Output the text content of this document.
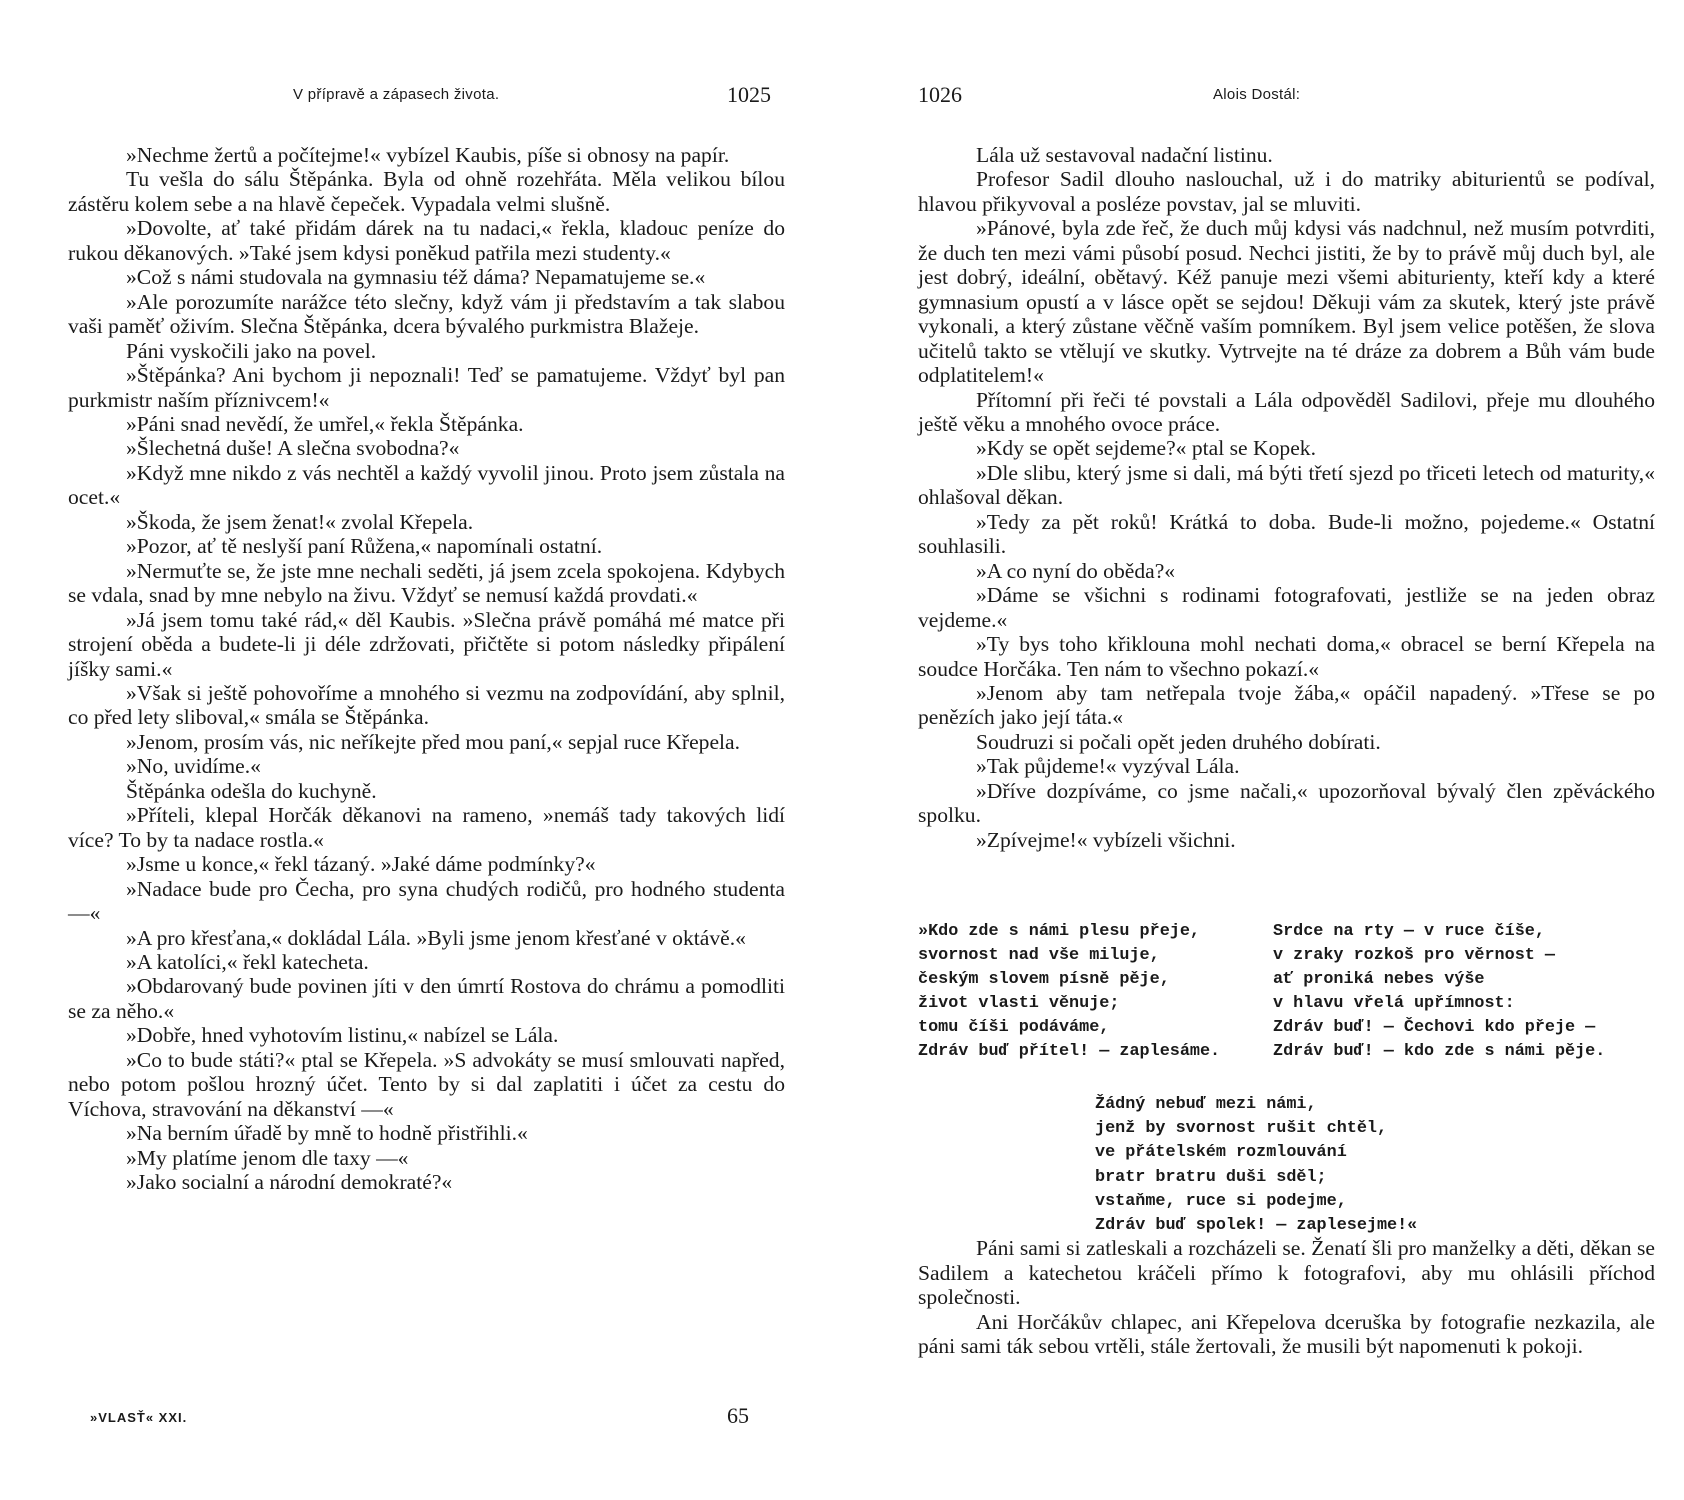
V přípravě a zápasech života.	1025

»Nechme žertů a počítejme!« vybízel Kaubis, píše si obnosy na papír.

Tu vešla do sálu Štěpánka. Byla od ohně rozehřáta. Měla velikou bílou zástěru kolem sebe a na hlavě čepeček. Vypadala velmi slušně.

»Dovolte, ať také přidám dárek na tu nadaci,« řekla, kladouc peníze do rukou děkanových. »Také jsem kdysi poněkud patřila mezi studenty.«

»Což s námi studovala na gymnasiu též dáma? Nepamatujeme se.«

»Ale porozumíte narážce této slečny, když vám ji představím a tak slabou vaši paměť oživím. Slečna Štěpánka, dcera bývalého purkmistra Blažeje.

Páni vyskočili jako na povel.

»Štěpánka? Ani bychom ji nepoznali! Teď se pamatujeme. Vždyť byl pan purkmistr naším příznivcem!«

»Páni snad nevědí, že umřel,« řekla Štěpánka.

»Šlechetná duše! A slečna svobodna?«

»Když mne nikdo z vás nechtěl a každý vyvolil jinou. Proto jsem zůstala na ocet.«

»Škoda, že jsem ženat!« zvolal Křepela.

»Pozor, ať tě neslyší paní Růžena,« napomínali ostatní.

»Nermuťte se, že jste mne nechali seděti, já jsem zcela spokojena. Kdybych se vdala, snad by mne nebylo na živu. Vždyť se nemusí každá provdati.«

»Já jsem tomu také rád,« děl Kaubis. »Slečna právě pomáhá mé matce při strojení oběda a budete-li ji déle zdržovati, přičtěte si potom následky připálení jíšky sami.«

»Však si ještě pohovoříme a mnohého si vezmu na zodpovídání, aby splnil, co před lety sliboval,« smála se Štěpánka.

»Jenom, prosím vás, nic neříkejte před mou paní,« sepjal ruce Křepela.

»No, uvidíme.«

Štěpánka odešla do kuchyně.

»Příteli, klepal Horčák děkanovi na rameno, »nemáš tady takových lidí více? To by ta nadace rostla.«

»Jsme u konce,« řekl tázaný. »Jaké dáme podmínky?«

»Nadace bude pro Čecha, pro syna chudých rodičů, pro hodného studenta —«

»A pro křesťana,« dokládal Lála. »Byli jsme jenom křesťané v oktávě.«

»A katolíci,« řekl katecheta.

»Obdarovaný bude povinen jíti v den úmrtí Rostova do chrámu a pomodliti se za něho.«

»Dobře, hned vyhotovím listinu,« nabízel se Lála.

»Co to bude státi?« ptal se Křepela. »S advokáty se musí smlouvati napřed, nebo potom pošlou hrozný účet. Tento by si dal zaplatiti i účet za cestu do Víchova, stravování na děkanství —«

»Na berním úřadě by mně to hodně přistřihli.«

»My platíme jenom dle taxy —«

»Jako socialní a národní demokraté?«

»VLASŤ« XXI.	65
1026	Alois Dostál:

Lála už sestavoval nadační listinu.

Profesor Sadil dlouho naslouchal, už i do matriky abiturientů se podíval, hlavou přikyvoval a posléze povstav, jal se mluviti.

»Pánové, byla zde řeč, že duch můj kdysi vás nadchnul, než musím potvrditi, že duch ten mezi vámi působí posud. Nechci jistiti, že by to právě můj duch byl, ale jest dobrý, ideální, obětavý. Kéž panuje mezi všemi abiturienty, kteří kdy a které gymnasium opustí a v lásce opět se sejdou! Děkuji vám za skutek, který jste právě vykonali, a který zůstane věčně vaším pomníkem. Byl jsem velice potěšen, že slova učitelů takto se vtělují ve skutky. Vytrvejte na té dráze za dobrem a Bůh vám bude odplatitelem!«

Přítomní při řeči té povstali a Lála odpověděl Sadilovi, přeje mu dlouhého ještě věku a mnohého ovoce práce.

»Kdy se opět sejdeme?« ptal se Kopek.

»Dle slibu, který jsme si dali, má býti třetí sjezd po třiceti letech od maturity,« ohlašoval děkan.

»Tedy za pět roků! Krátká to doba. Bude-li možno, pojedeme.« Ostatní souhlasili.

»A co nyní do oběda?«

»Dáme se všichni s rodinami fotografovati, jestliže se na jeden obraz vejdeme.«

»Ty bys toho křiklouna mohl nechati doma,« obracel se berní Křepela na soudce Horčáka. Ten nám to všechno pokazí.«

»Jenom aby tam netřepala tvoje žába,« opáčil napadený. »Třese se po penězích jako její táta.«

Soudruzi si počali opět jeden druhého dobírati.

»Tak půjdeme!« vyzýval Lála.

»Dříve dozpíváme, co jsme načali,« upozorňoval bývalý člen zpěváckého spolku.

»Zpívejme!« vybízeli všichni.

»Kdo zde s námi plesu přeje,
svornost nad vše miluje,
českým slovem písně pěje,
život vlasti věnuje;
tomu číši podáváme,
Zdráv buď přítel! — zaplesáme.
Srdce na rty — v ruce číše,
v zraky rozkoš pro věrnost —
ať proniká nebes výše
v hlavu vřelá upřímnost:
Zdráv buď! — Čechovi kdo přeje —
Zdráv buď! — kdo zde s námi pěje.
Žádný nebuď mezi námi,
jenž by svornost rušit chtěl,
ve přátelském rozmlouvání
bratr bratru duši sděl;
vstaňme, ruce si podejme,
Zdráv buď spolek! — zaplesejme!«

Páni sami si zatleskali a rozcházeli se. Ženatí šli pro manželky a děti, děkan se Sadilem a katechetou kráčeli přímo k fotografovi, aby mu ohlásili příchod společnosti.

Ani Horčákův chlapec, ani Křepelova dceruška by fotografie nezkazila, ale páni sami ták sebou vrtěli, stále žertovali, že musili být napomenuti k pokoji.
